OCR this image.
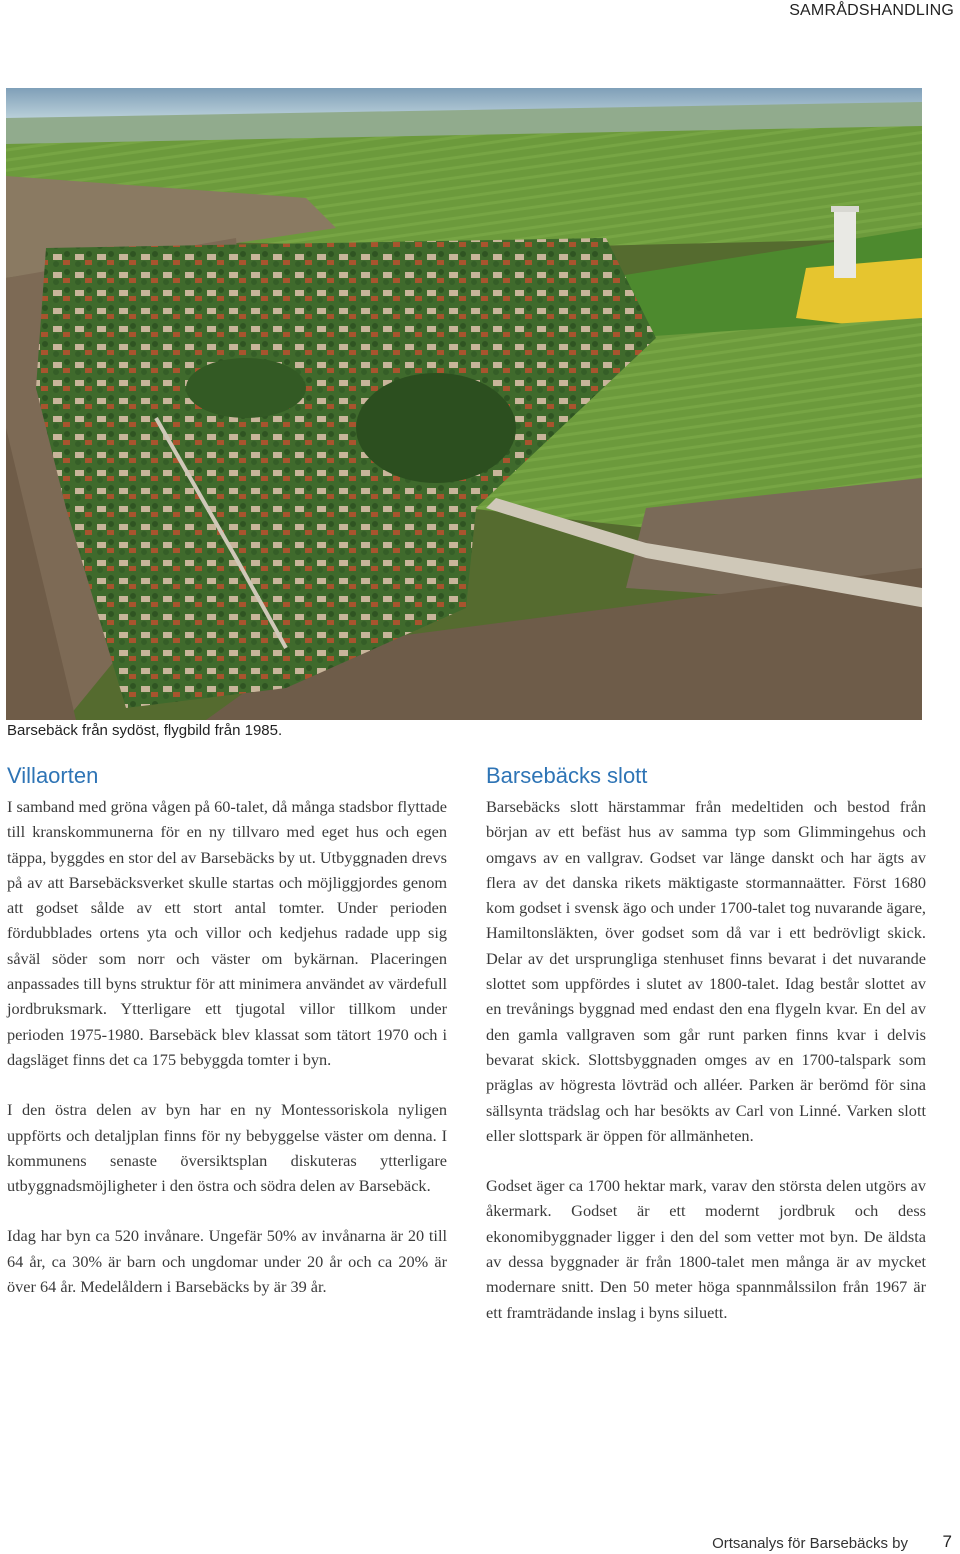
SAMRÅDSHANDLING
Barsebäck från sydöst, flygbild från 1985.
Villaorten

I samband med gröna vågen på 60-talet, då många stadsbor flyttade till kranskommunerna för en ny tillvaro med eget hus och egen täppa, byggdes en stor del av Barsebäcks by ut. Utbyggnaden drevs på av att Barsebäcksverket skulle startas och möjliggjordes genom att godset sålde av ett stort antal tomter. Under perioden fördubblades ortens yta och villor och kedjehus radade upp sig såväl söder som norr och väster om bykärnan. Placeringen anpassades till byns struktur för att minimera användet av värdefull jordbruksmark. Ytterligare ett tjugotal villor tillkom under perioden 1975-1980. Barsebäck blev klassat som tätort 1970 och i dagsläget finns det ca 175 bebyggda tomter i byn.

I den östra delen av byn har en ny Montessoriskola nyligen uppförts och detaljplan finns för ny bebyggelse väster om denna. I kommunens senaste översiktsplan diskuteras ytterligare utbyggnadsmöjligheter i den östra och södra delen av Barsebäck.

Idag har byn ca 520 invånare. Ungefär 50% av invånarna är 20 till 64 år, ca 30% är barn och ungdomar under 20 år och ca 20% är över 64 år. Medelåldern i Barsebäcks by är 39 år.

Barsebäcks slott

Barsebäcks slott härstammar från medeltiden och bestod från början av ett befäst hus av samma typ som Glimmingehus och omgavs av en vallgrav. Godset var länge danskt och har ägts av flera av det danska rikets mäktigaste stormannaätter. Först 1680 kom godset i svensk ägo och under 1700-talet tog nuvarande ägare, Hamiltonsläkten, över godset som då var i ett bedrövligt skick. Delar av det ursprungliga stenhuset finns bevarat i det nuvarande slottet som uppfördes i slutet av 1800-talet. Idag består slottet av en trevånings byggnad med endast den ena flygeln kvar. En del av den gamla vallgraven som går runt parken finns kvar i delvis bevarat skick. Slottsbyggnaden omges av en 1700-talspark som präglas av högresta lövträd och alléer. Parken är berömd för sina sällsynta trädslag och har besökts av Carl von Linné. Varken slott eller slottspark är öppen för allmänheten.

Godset äger ca 1700 hektar mark, varav den största delen utgörs av åkermark. Godset är ett modernt jordbruk och dess ekonomibyggnader ligger i den del som vetter mot byn. De äldsta av dessa byggnader är från 1800-talet men många är av mycket modernare snitt. Den 50 meter höga spannmålssilon från 1967 är ett framträdande inslag i byns siluett.

Ortsanalys för Barsebäcks by 7
